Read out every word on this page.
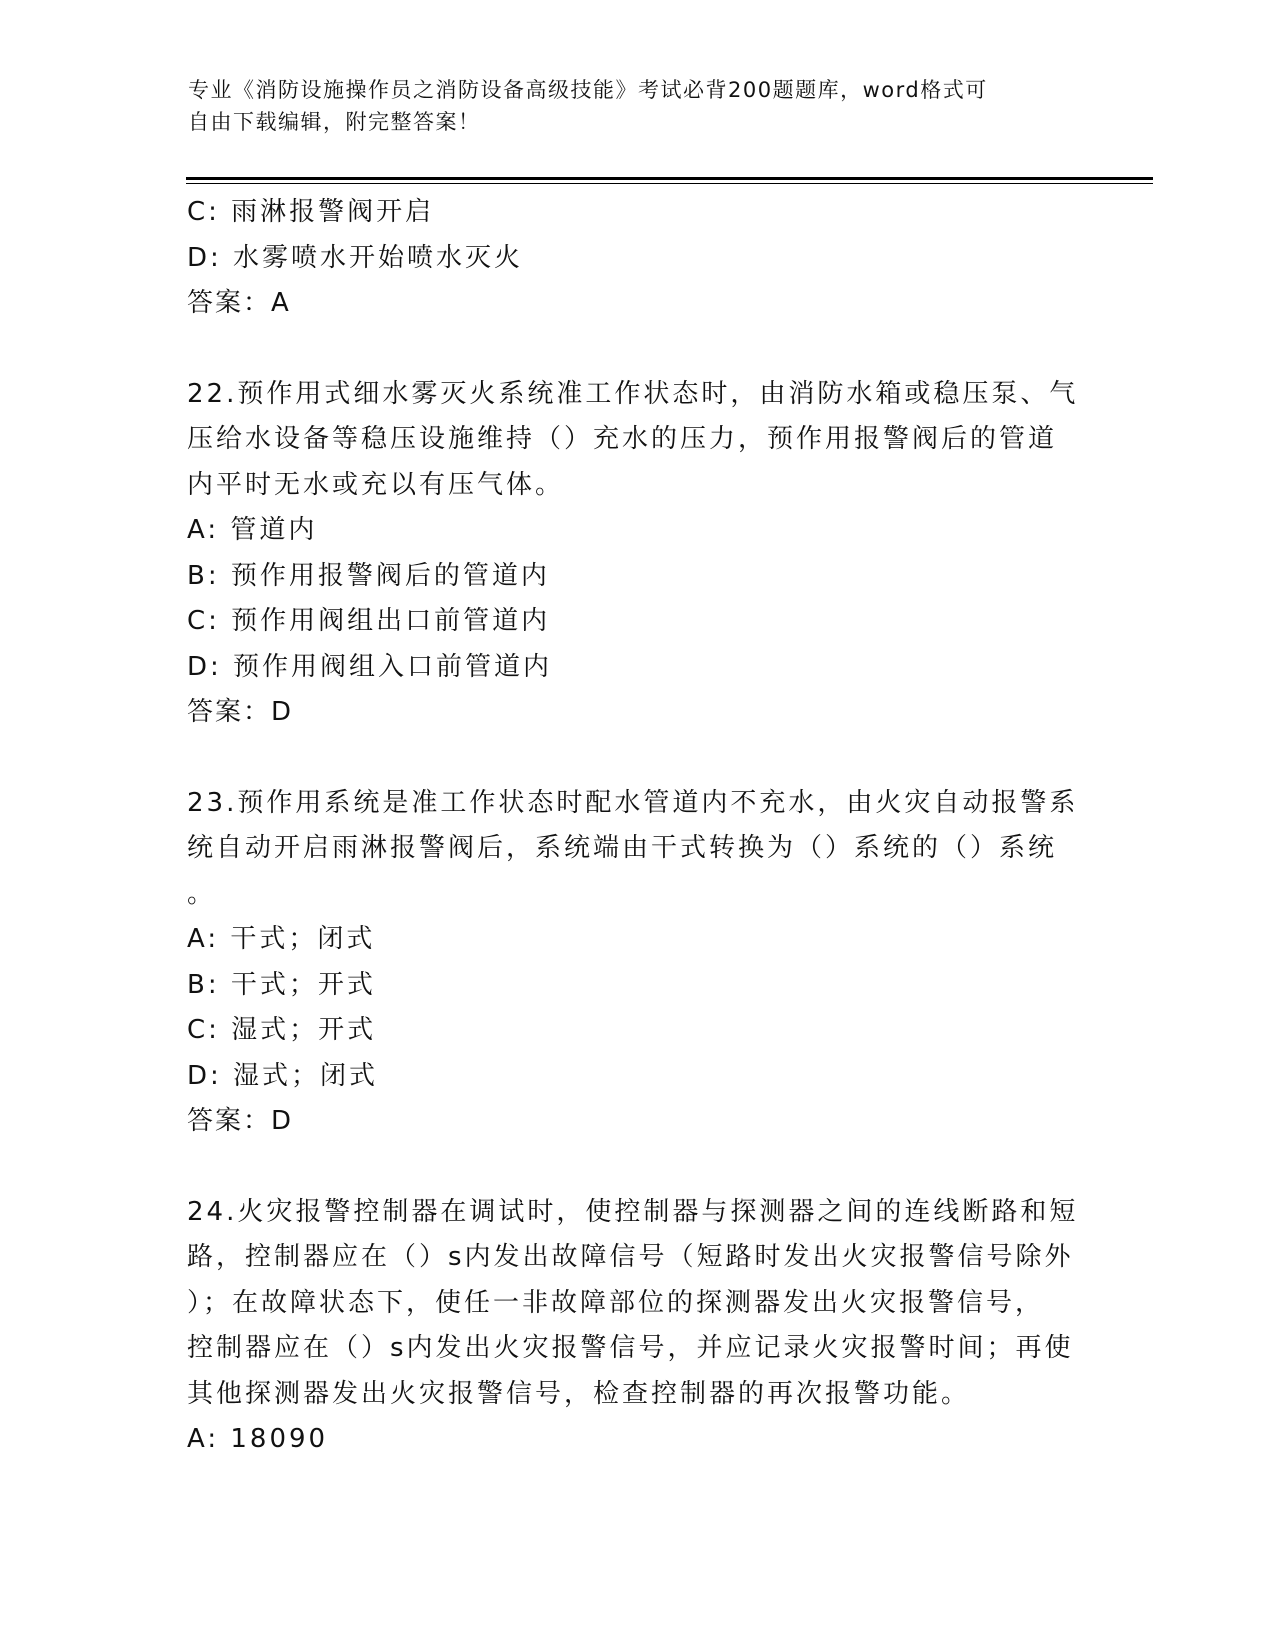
专业《消防设施操作员之消防设备高级技能》考试必背200题题库，word格式可
自由下载编辑，附完整答案！
C: 雨淋报警阀开启
D: 水雾喷水开始喷水灭火
答案：A
22.预作用式细水雾灭火系统准工作状态时，由消防水箱或稳压泵、气
压给水设备等稳压设施维持（）充水的压力，预作用报警阀后的管道
内平时无水或充以有压气体。
A: 管道内
B: 预作用报警阀后的管道内
C: 预作用阀组出口前管道内
D: 预作用阀组入口前管道内
答案：D
23.预作用系统是准工作状态时配水管道内不充水，由火灾自动报警系
统自动开启雨淋报警阀后，系统端由干式转换为（）系统的（）系统
。
A: 干式；闭式
B: 干式；开式
C: 湿式；开式
D: 湿式；闭式
答案：D
24.火灾报警控制器在调试时，使控制器与探测器之间的连线断路和短
路，控制器应在（）s内发出故障信号（短路时发出火灾报警信号除外
）；在故障状态下，使任一非故障部位的探测器发出火灾报警信号，
控制器应在（）s内发出火灾报警信号，并应记录火灾报警时间；再使
其他探测器发出火灾报警信号，检查控制器的再次报警功能。
A: 18090
